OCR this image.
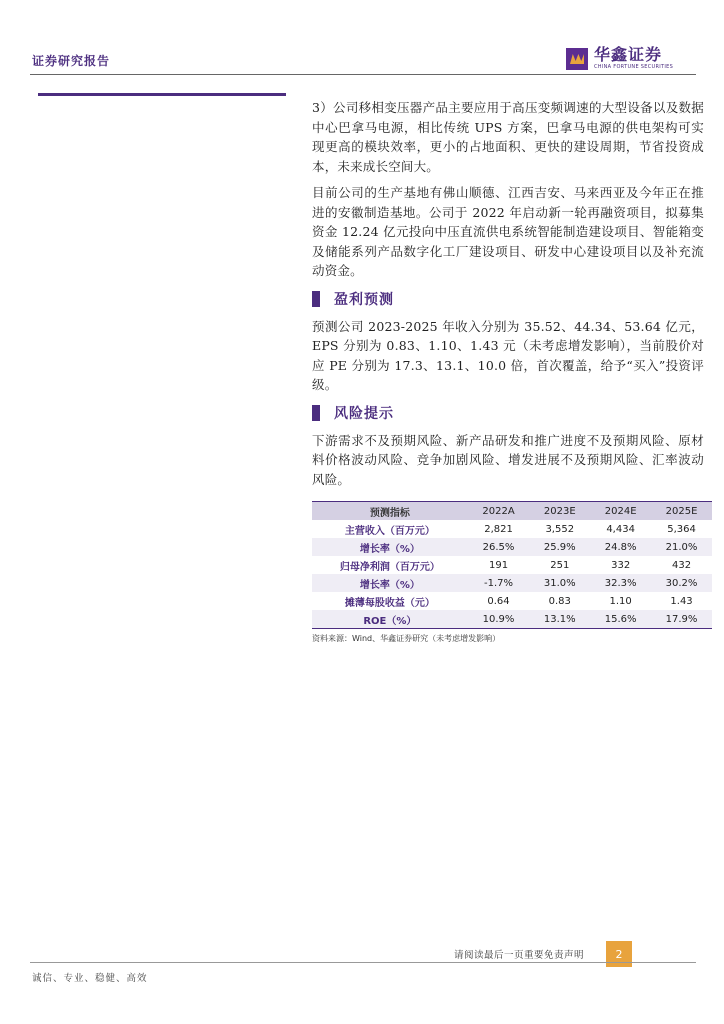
证券研究报告	华鑫证券
CHINA FORTUNE SECURITIES

3）公司移相变压器产品主要应用于高压变频调速的大型设备以及数据中心巴拿马电源，相比传统 UPS 方案，巴拿马电源的供电架构可实现更高的模块效率，更小的占地面积、更快的建设周期，节省投资成本，未来成长空间大。

目前公司的生产基地有佛山顺德、江西吉安、马来西亚及今年正在推进的安徽制造基地。公司于 2022 年启动新一轮再融资项目，拟募集资金 12.24 亿元投向中压直流供电系统智能制造建设项目、智能箱变及储能系列产品数字化工厂建设项目、研发中心建设项目以及补充流动资金。

盈利预测

预测公司 2023-2025 年收入分别为 35.52、44.34、53.64 亿元，EPS 分别为 0.83、1.10、1.43 元（未考虑增发影响），当前股价对应 PE 分别为 17.3、13.1、10.0 倍，首次覆盖，给予“买入”投资评级。

风险提示

下游需求不及预期风险、新产品研发和推广进度不及预期风险、原材料价格波动风险、竞争加剧风险、增发进展不及预期风险、汇率波动风险。

预测指标	2022A	2023E	2024E	2025E
主营收入（百万元）	2,821	3,552	4,434	5,364
增长率（%）	26.5%	25.9%	24.8%	21.0%
归母净利润（百万元）	191	251	332	432
增长率（%）	-1.7%	31.0%	32.3%	30.2%
摊薄每股收益（元）	0.64	0.83	1.10	1.43
ROE（%）	10.9%	13.1%	15.6%	17.9%
资料来源：Wind、华鑫证券研究（未考虑增发影响）
请阅读最后一页重要免责声明	2
诚信、专业、稳健、高效
